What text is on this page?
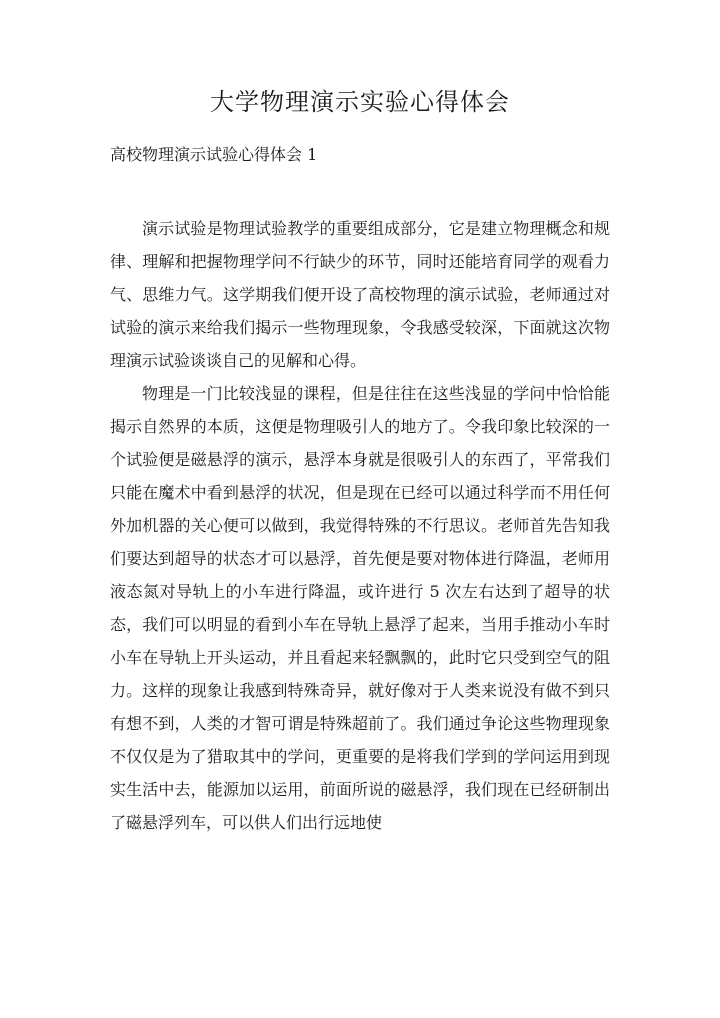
大学物理演示实验心得体会
高校物理演示试验心得体会 1

演示试验是物理试验教学的重要组成部分，它是建立物理概念和规律、理解和把握物理学问不行缺少的环节，同时还能培育同学的观看力气、思维力气。这学期我们便开设了高校物理的演示试验，老师通过对试验的演示来给我们揭示一些物理现象，令我感受较深，下面就这次物理演示试验谈谈自己的见解和心得。

物理是一门比较浅显的课程，但是往往在这些浅显的学问中恰恰能揭示自然界的本质，这便是物理吸引人的地方了。令我印象比较深的一个试验便是磁悬浮的演示，悬浮本身就是很吸引人的东西了，平常我们只能在魔术中看到悬浮的状况，但是现在已经可以通过科学而不用任何外加机器的关心便可以做到，我觉得特殊的不行思议。老师首先告知我们要达到超导的状态才可以悬浮，首先便是要对物体进行降温，老师用液态氮对导轨上的小车进行降温，或许进行 5 次左右达到了超导的状态，我们可以明显的看到小车在导轨上悬浮了起来，当用手推动小车时小车在导轨上开头运动，并且看起来轻飘飘的，此时它只受到空气的阻力。这样的现象让我感到特殊奇异，就好像对于人类来说没有做不到只有想不到，人类的才智可谓是特殊超前了。我们通过争论这些物理现象不仅仅是为了猎取其中的学问，更重要的是将我们学到的学问运用到现实生活中去，能源加以运用，前面所说的磁悬浮，我们现在已经研制出了磁悬浮列车，可以供人们出行远地使
